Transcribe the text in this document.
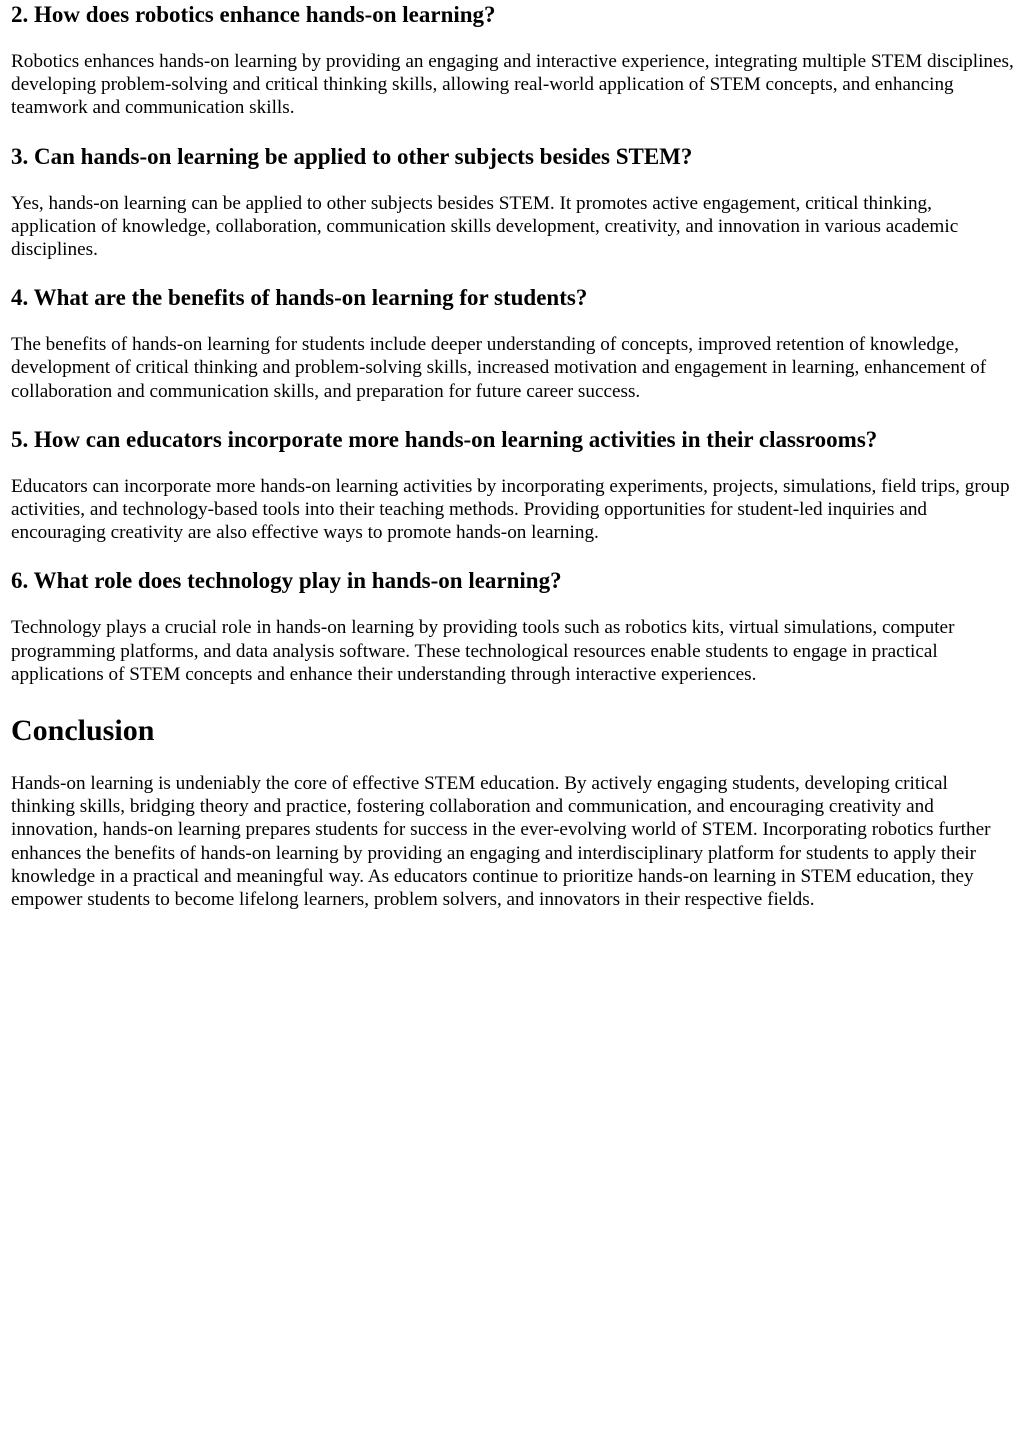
2. How does robotics enhance hands-on learning?

Robotics enhances hands-on learning by providing an engaging and interactive experience, integrating multiple STEM disciplines, developing problem-solving and critical thinking skills, allowing real-world application of STEM concepts, and enhancing teamwork and communication skills.

3. Can hands-on learning be applied to other subjects besides STEM?

Yes, hands-on learning can be applied to other subjects besides STEM. It promotes active engagement, critical thinking, application of knowledge, collaboration, communication skills development, creativity, and innovation in various academic disciplines.

4. What are the benefits of hands-on learning for students?

The benefits of hands-on learning for students include deeper understanding of concepts, improved retention of knowledge, development of critical thinking and problem-solving skills, increased motivation and engagement in learning, enhancement of collaboration and communication skills, and preparation for future career success.

5. How can educators incorporate more hands-on learning activities in their classrooms?

Educators can incorporate more hands-on learning activities by incorporating experiments, projects, simulations, field trips, group activities, and technology-based tools into their teaching methods. Providing opportunities for student-led inquiries and encouraging creativity are also effective ways to promote hands-on learning.

6. What role does technology play in hands-on learning?

Technology plays a crucial role in hands-on learning by providing tools such as robotics kits, virtual simulations, computer programming platforms, and data analysis software. These technological resources enable students to engage in practical applications of STEM concepts and enhance their understanding through interactive experiences.

Conclusion

Hands-on learning is undeniably the core of effective STEM education. By actively engaging students, developing critical thinking skills, bridging theory and practice, fostering collaboration and communication, and encouraging creativity and innovation, hands-on learning prepares students for success in the ever-evolving world of STEM. Incorporating robotics further enhances the benefits of hands-on learning by providing an engaging and interdisciplinary platform for students to apply their knowledge in a practical and meaningful way. As educators continue to prioritize hands-on learning in STEM education, they empower students to become lifelong learners, problem solvers, and innovators in their respective fields.
